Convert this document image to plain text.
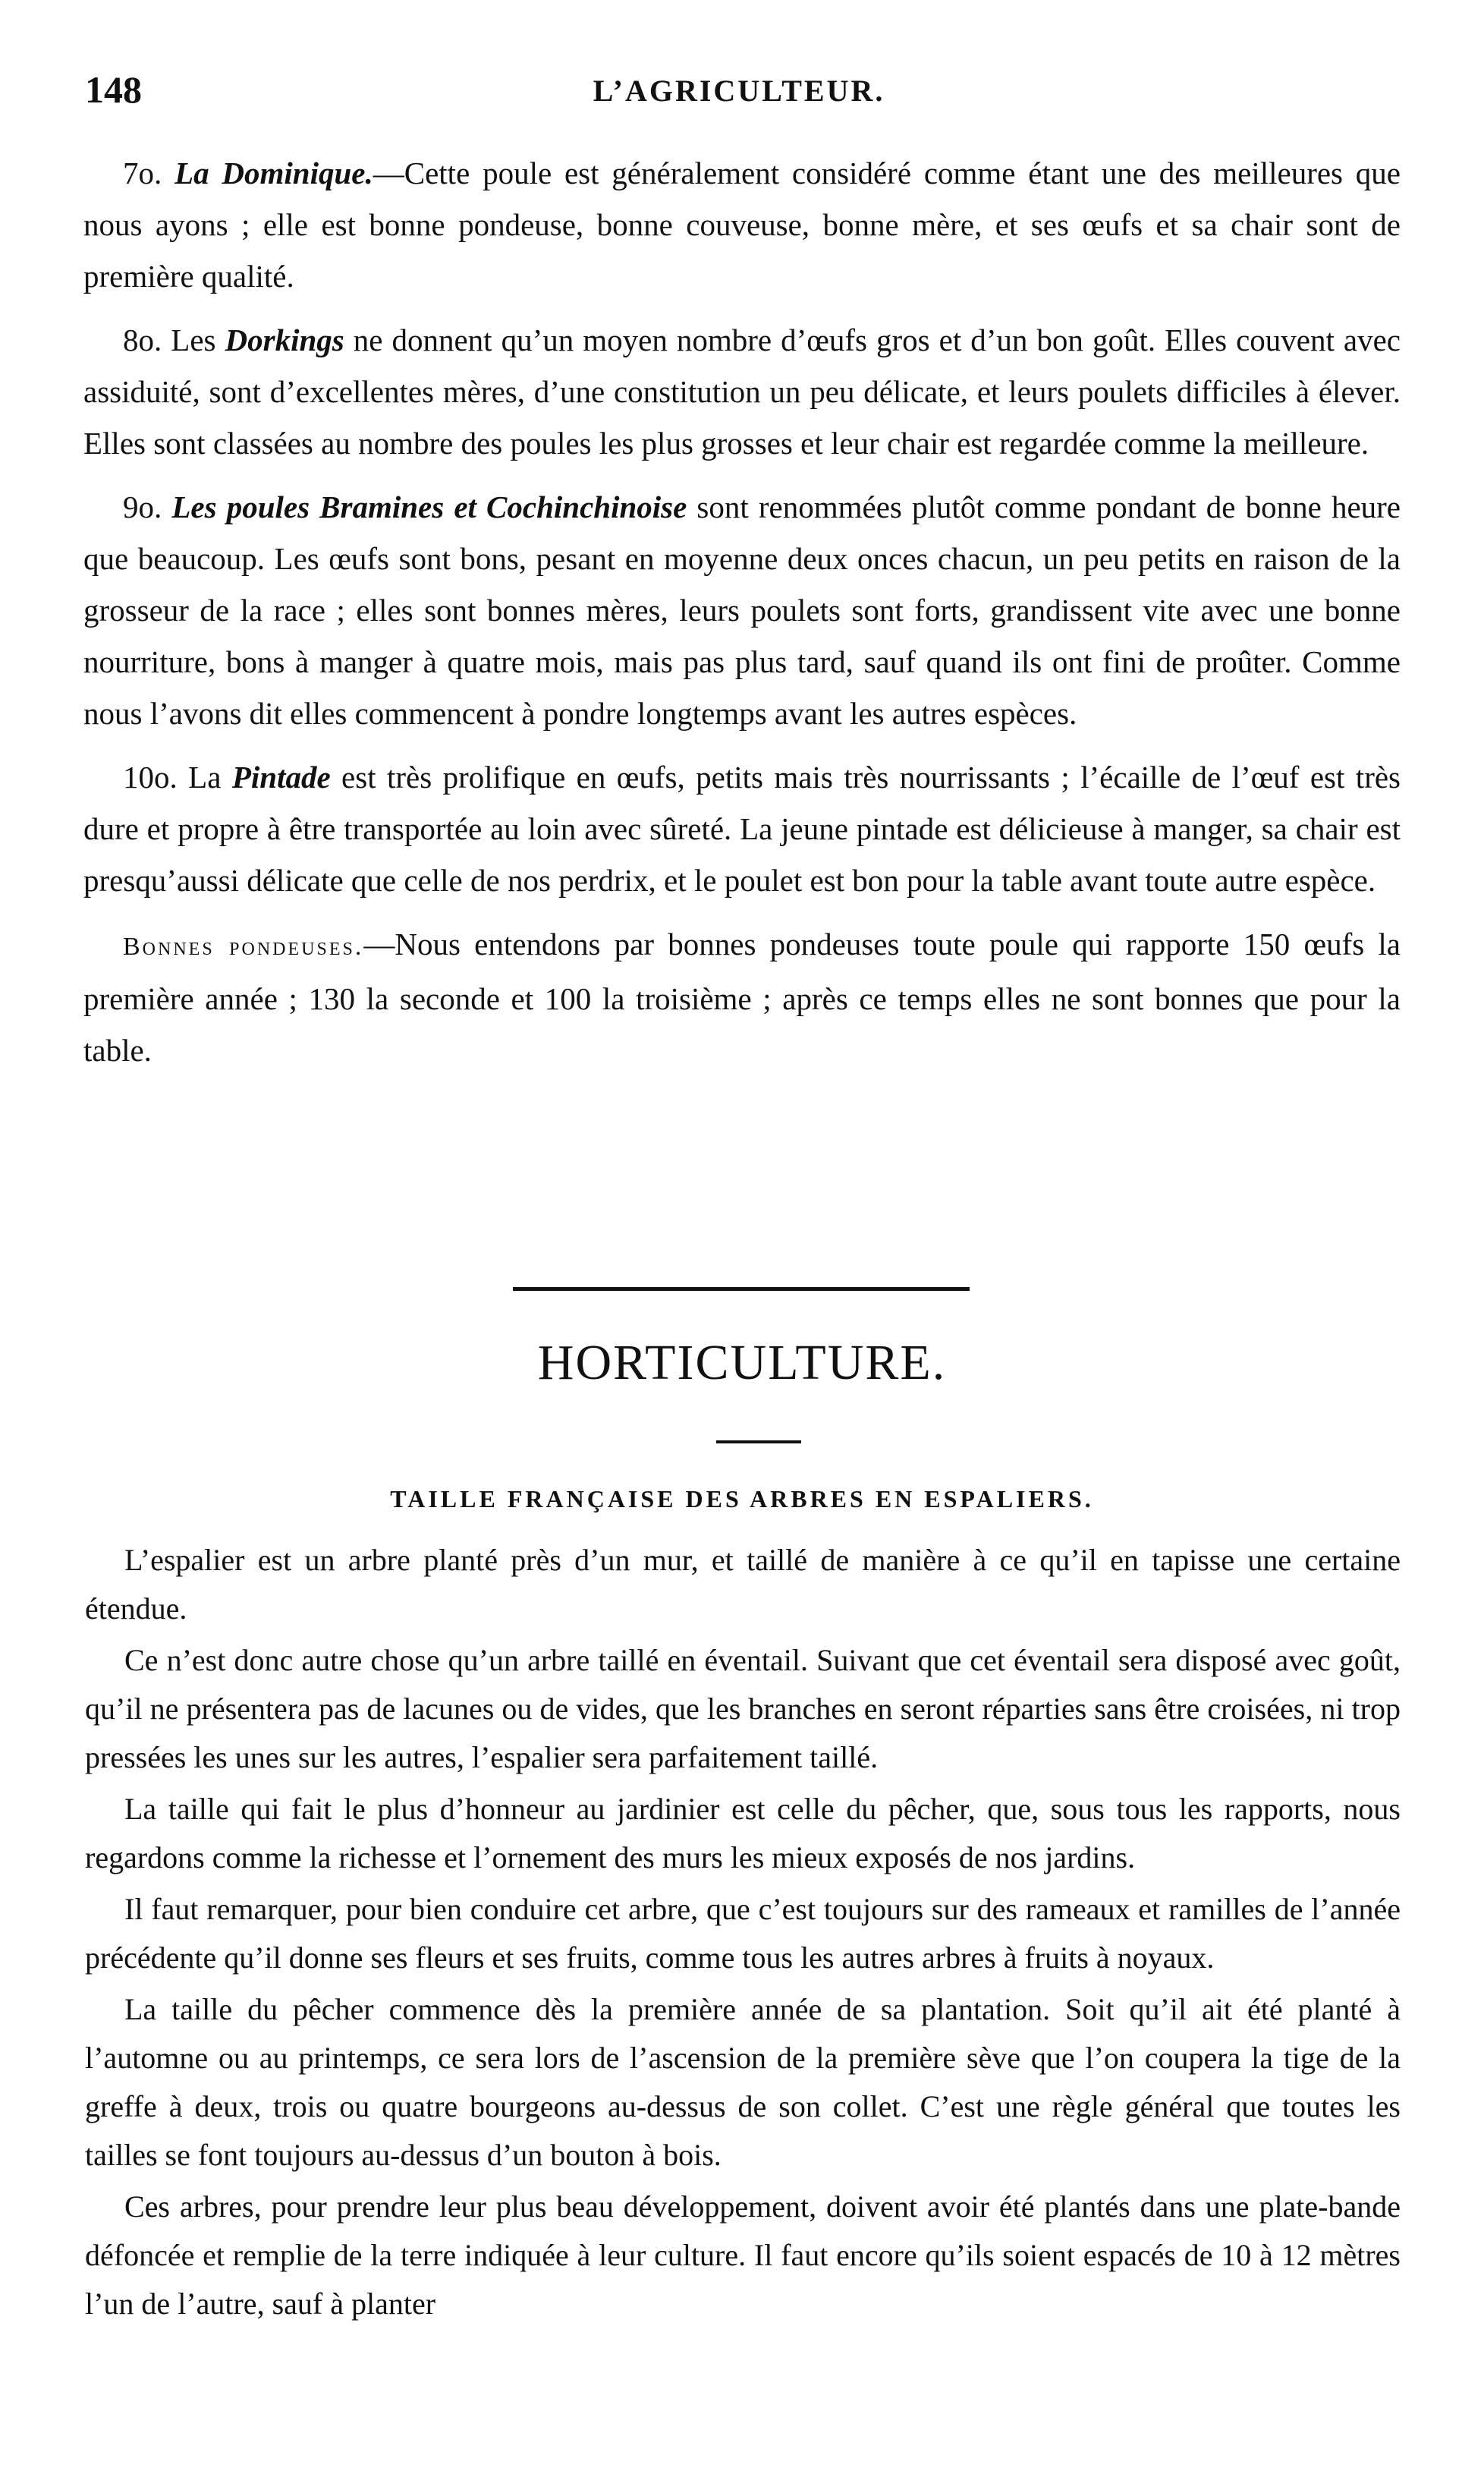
148	L’AGRICULTEUR.

7o. La Dominique.—Cette poule est généralement considéré comme étant une des meilleures que nous ayons ; elle est bonne pondeuse, bonne couveuse, bonne mère, et ses œufs et sa chair sont de première qualité.

8o. Les Dorkings ne donnent qu’un moyen nombre d’œufs gros et d’un bon goût. Elles couvent avec assiduité, sont d’excellentes mères, d’une constitution un peu délicate, et leurs poulets difficiles à élever. Elles sont classées au nombre des poules les plus grosses et leur chair est regardée comme la meilleure.

9o. Les poules Bramines et Cochinchinoise sont renommées plutôt comme pondant de bonne heure que beaucoup. Les œufs sont bons, pesant en moyenne deux onces chacun, un peu petits en raison de la grosseur de la race ; elles sont bonnes mères, leurs poulets sont forts, grandissent vite avec une bonne nourriture, bons à manger à quatre mois, mais pas plus tard, sauf quand ils ont fini de proûter. Comme nous l’avons dit elles commencent à pondre longtemps avant les autres espèces.

10o. La Pintade est très prolifique en œufs, petits mais très nourrissants ; l’écaille de l’œuf est très dure et propre à être transportée au loin avec sûreté. La jeune pintade est délicieuse à manger, sa chair est presqu’aussi délicate que celle de nos perdrix, et le poulet est bon pour la table avant toute autre espèce.

Bonnes pondeuses.—Nous entendons par bonnes pondeuses toute poule qui rapporte 150 œufs la première année ; 130 la seconde et 100 la troisième ; après ce temps elles ne sont bonnes que pour la table.

HORTICULTURE.
TAILLE FRANÇAISE DES ARBRES EN ESPALIERS.

L’espalier est un arbre planté près d’un mur, et taillé de manière à ce qu’il en tapisse une certaine étendue.

Ce n’est donc autre chose qu’un arbre taillé en éventail. Suivant que cet éventail sera disposé avec goût, qu’il ne présentera pas de lacunes ou de vides, que les branches en seront réparties sans être croisées, ni trop pressées les unes sur les autres, l’espalier sera parfaitement taillé.

La taille qui fait le plus d’honneur au jardinier est celle du pêcher, que, sous tous les rapports, nous regardons comme la richesse et l’ornement des murs les mieux exposés de nos jardins.

Il faut remarquer, pour bien conduire cet arbre, que c’est toujours sur des rameaux et ramilles de l’année précédente qu’il donne ses fleurs et ses fruits, comme tous les autres arbres à fruits à noyaux.

La taille du pêcher commence dès la première année de sa plantation. Soit qu’il ait été planté à l’automne ou au printemps, ce sera lors de l’ascension de la première sève que l’on coupera la tige de la greffe à deux, trois ou quatre bourgeons au-dessus de son collet. C’est une règle général que toutes les tailles se font toujours au-dessus d’un bouton à bois.

Ces arbres, pour prendre leur plus beau développement, doivent avoir été plantés dans une plate-bande défoncée et remplie de la terre indiquée à leur culture. Il faut encore qu’ils soient espacés de 10 à 12 mètres l’un de l’autre, sauf à planter
